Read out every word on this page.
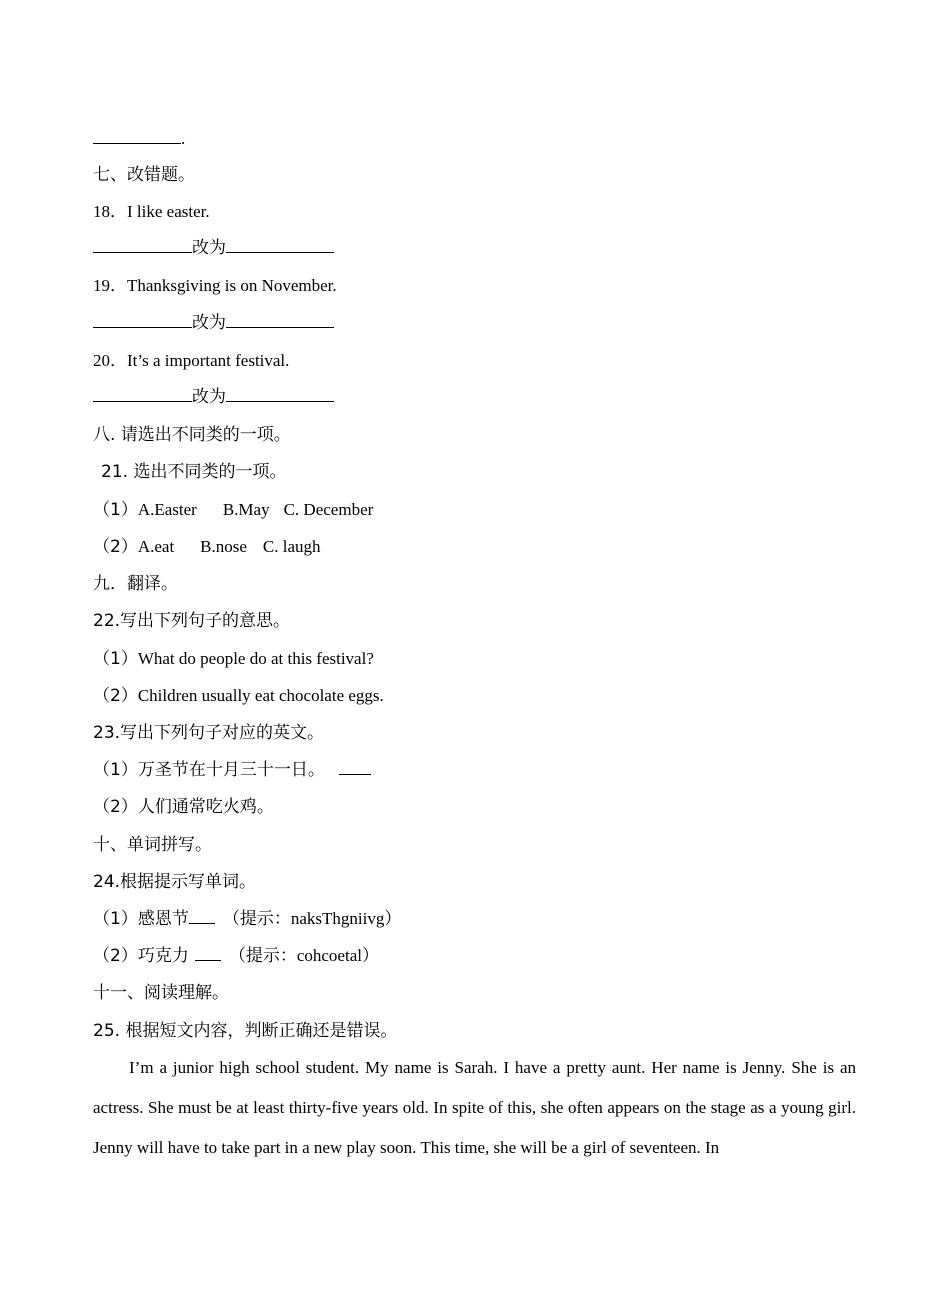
.
七、改错题。
18．I like easter.
改为
19．Thanksgiving is on November.
改为
20．It’s a important festival.
改为
八. 请选出不同类的一项。
21. 选出不同类的一项。
（1）A.Easter B.May C. December
（2）A.eat B.nose C. laugh
九．翻译。
22.写出下列句子的意思。
（1）What do people do at this festival?
（2）Children usually eat chocolate eggs.
23.写出下列句子对应的英文。
（1）万圣节在十月三十一日。
（2）人们通常吃火鸡。
十、单词拼写。
24.根据提示写单词。
（1）感恩节 （提示：naksThgniivg）
（2）巧克力 （提示：cohcoetal）
十一、阅读理解。
25. 根据短文内容，判断正确还是错误。
I’m a junior high school student. My name is Sarah. I have a pretty aunt. Her name is Jenny. She is an actress. She must be at least thirty-five years old. In spite of this, she often appears on the stage as a young girl. Jenny will have to take part in a new play soon. This time, she will be a girl of seventeen. In
